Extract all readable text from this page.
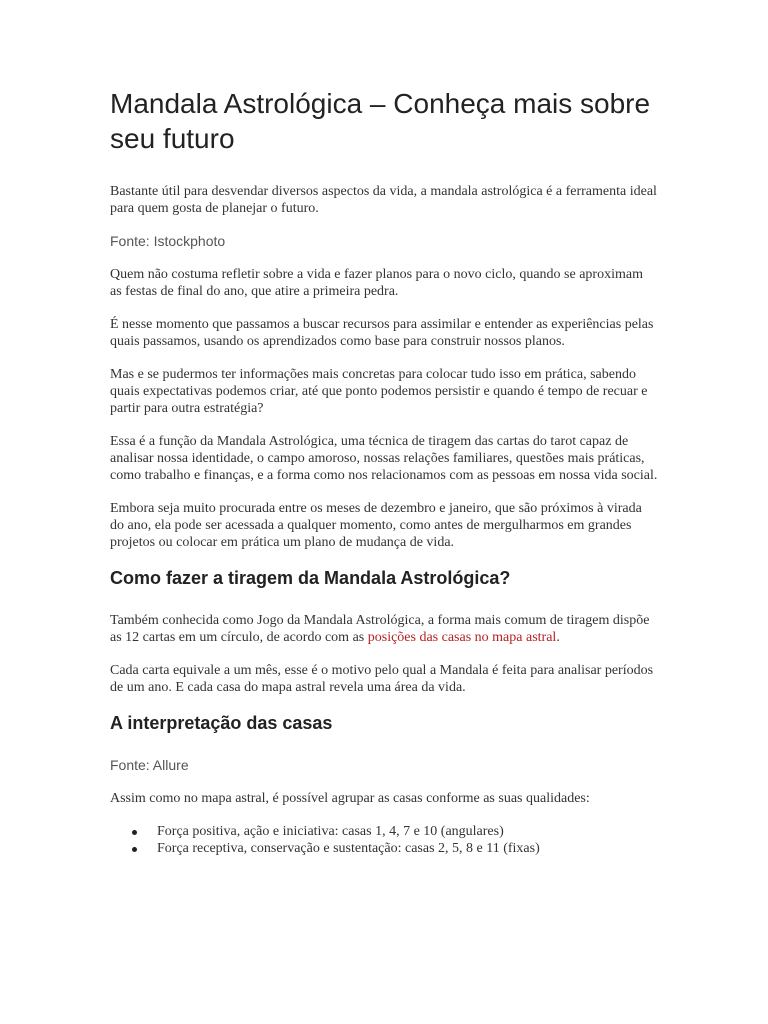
Mandala Astrológica – Conheça mais sobre seu futuro

Bastante útil para desvendar diversos aspectos da vida, a mandala astrológica é a ferramenta ideal para quem gosta de planejar o futuro.

Fonte: Istockphoto

Quem não costuma refletir sobre a vida e fazer planos para o novo ciclo, quando se aproximam as festas de final do ano, que atire a primeira pedra.

É nesse momento que passamos a buscar recursos para assimilar e entender as experiências pelas quais passamos, usando os aprendizados como base para construir nossos planos.

Mas e se pudermos ter informações mais concretas para colocar tudo isso em prática, sabendo quais expectativas podemos criar, até que ponto podemos persistir e quando é tempo de recuar e partir para outra estratégia?

Essa é a função da Mandala Astrológica, uma técnica de tiragem das cartas do tarot capaz de analisar nossa identidade, o campo amoroso, nossas relações familiares, questões mais práticas, como trabalho e finanças, e a forma como nos relacionamos com as pessoas em nossa vida social.

Embora seja muito procurada entre os meses de dezembro e janeiro, que são próximos à virada do ano, ela pode ser acessada a qualquer momento, como antes de mergulharmos em grandes projetos ou colocar em prática um plano de mudança de vida.

Como fazer a tiragem da Mandala Astrológica?

Também conhecida como Jogo da Mandala Astrológica, a forma mais comum de tiragem dispõe as 12 cartas em um círculo, de acordo com as posições das casas no mapa astral.

Cada carta equivale a um mês, esse é o motivo pelo qual a Mandala é feita para analisar períodos de um ano. E cada casa do mapa astral revela uma área da vida.

A interpretação das casas

Fonte: Allure

Assim como no mapa astral, é possível agrupar as casas conforme as suas qualidades:

Força positiva, ação e iniciativa: casas 1, 4, 7 e 10 (angulares)
Força receptiva, conservação e sustentação: casas 2, 5, 8 e 11 (fixas)
